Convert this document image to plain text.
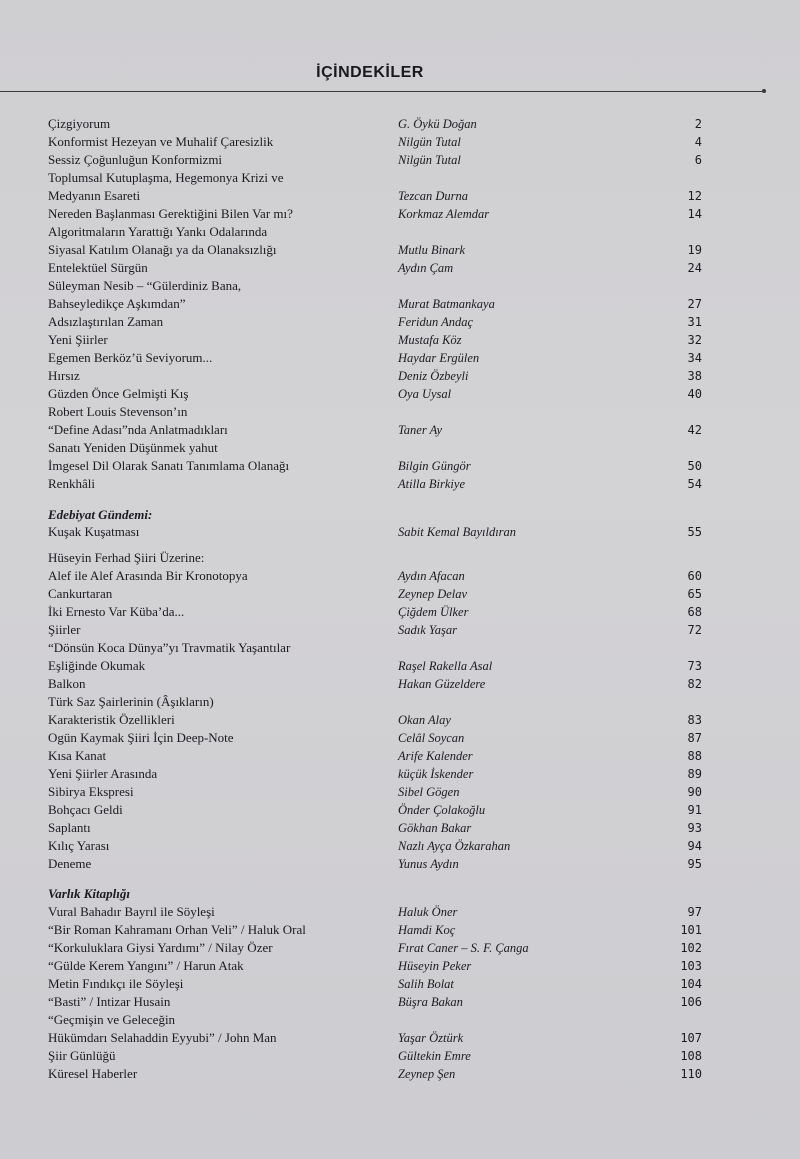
İÇİNDEKİLER
Çizgiyorum	G. Öykü Doğan	2
Konformist Hezeyan ve Muhalif Çaresizlik	Nilgün Tutal	4
Sessiz Çoğunluğun Konformizmi	Nilgün Tutal	6
Toplumsal Kutuplaşma, Hegemonya Krizi ve
Medyanın Esareti	Tezcan Durna	12
Nereden Başlanması Gerektiğini Bilen Var mı?	Korkmaz Alemdar	14
Algoritmaların Yarattığı Yankı Odalarında
Siyasal Katılım Olanağı ya da Olanaksızlığı	Mutlu Binark	19
Entelektüel Sürgün	Aydın Çam	24
Süleyman Nesib – “Gülerdiniz Bana,
Bahseyledikçe Aşkımdan”	Murat Batmankaya	27
Adsızlaştırılan Zaman	Feridun Andaç	31
Yeni Şiirler	Mustafa Köz	32
Egemen Berköz’ü Seviyorum...	Haydar Ergülen	34
Hırsız	Deniz Özbeyli	38
Güzden Önce Gelmişti Kış	Oya Uysal	40
Robert Louis Stevenson’ın
“Define Adası”nda Anlatmadıkları	Taner Ay	42
Sanatı Yeniden Düşünmek yahut
İmgesel Dil Olarak Sanatı Tanımlama Olanağı	Bilgin Güngör	50
Renkhâli	Atilla Birkiye	54
Edebiyat Gündemi:
Kuşak Kuşatması	Sabit Kemal Bayıldıran	55
Hüseyin Ferhad Şiiri Üzerine:
Alef ile Alef Arasında Bir Kronotopya	Aydın Afacan	60
Cankurtaran	Zeynep Delav	65
İki Ernesto Var Küba’da...	Çiğdem Ülker	68
Şiirler	Sadık Yaşar	72
“Dönsün Koca Dünya”yı Travmatik Yaşantılar
Eşliğinde Okumak	Raşel Rakella Asal	73
Balkon	Hakan Güzeldere	82
Türk Saz Şairlerinin (Âşıkların)
Karakteristik Özellikleri	Okan Alay	83
Ogün Kaymak Şiiri İçin Deep-Note	Celâl Soycan	87
Kısa Kanat	Arife Kalender	88
Yeni Şiirler Arasında	küçük İskender	89
Sibirya Ekspresi	Sibel Gögen	90
Bohçacı Geldi	Önder Çolakoğlu	91
Saplantı	Gökhan Bakar	93
Kılıç Yarası	Nazlı Ayça Özkarahan	94
Deneme	Yunus Aydın	95
Varlık Kitaplığı
Vural Bahadır Bayrıl ile Söyleşi	Haluk Öner	97
“Bir Roman Kahramanı Orhan Veli” / Haluk Oral	Hamdi Koç	101
“Korkuluklara Giysi Yardımı” / Nilay Özer	Fırat Caner – S. F. Çanga	102
“Gülde Kerem Yangını” / Harun Atak	Hüseyin Peker	103
Metin Fındıkçı ile Söyleşi	Salih Bolat	104
“Basti” / Intizar Husain	Büşra Bakan	106
“Geçmişin ve Geleceğin
Hükümdarı Selahaddin Eyyubi” / John Man	Yaşar Öztürk	107
Şiir Günlüğü	Gültekin Emre	108
Küresel Haberler	Zeynep Şen	110
